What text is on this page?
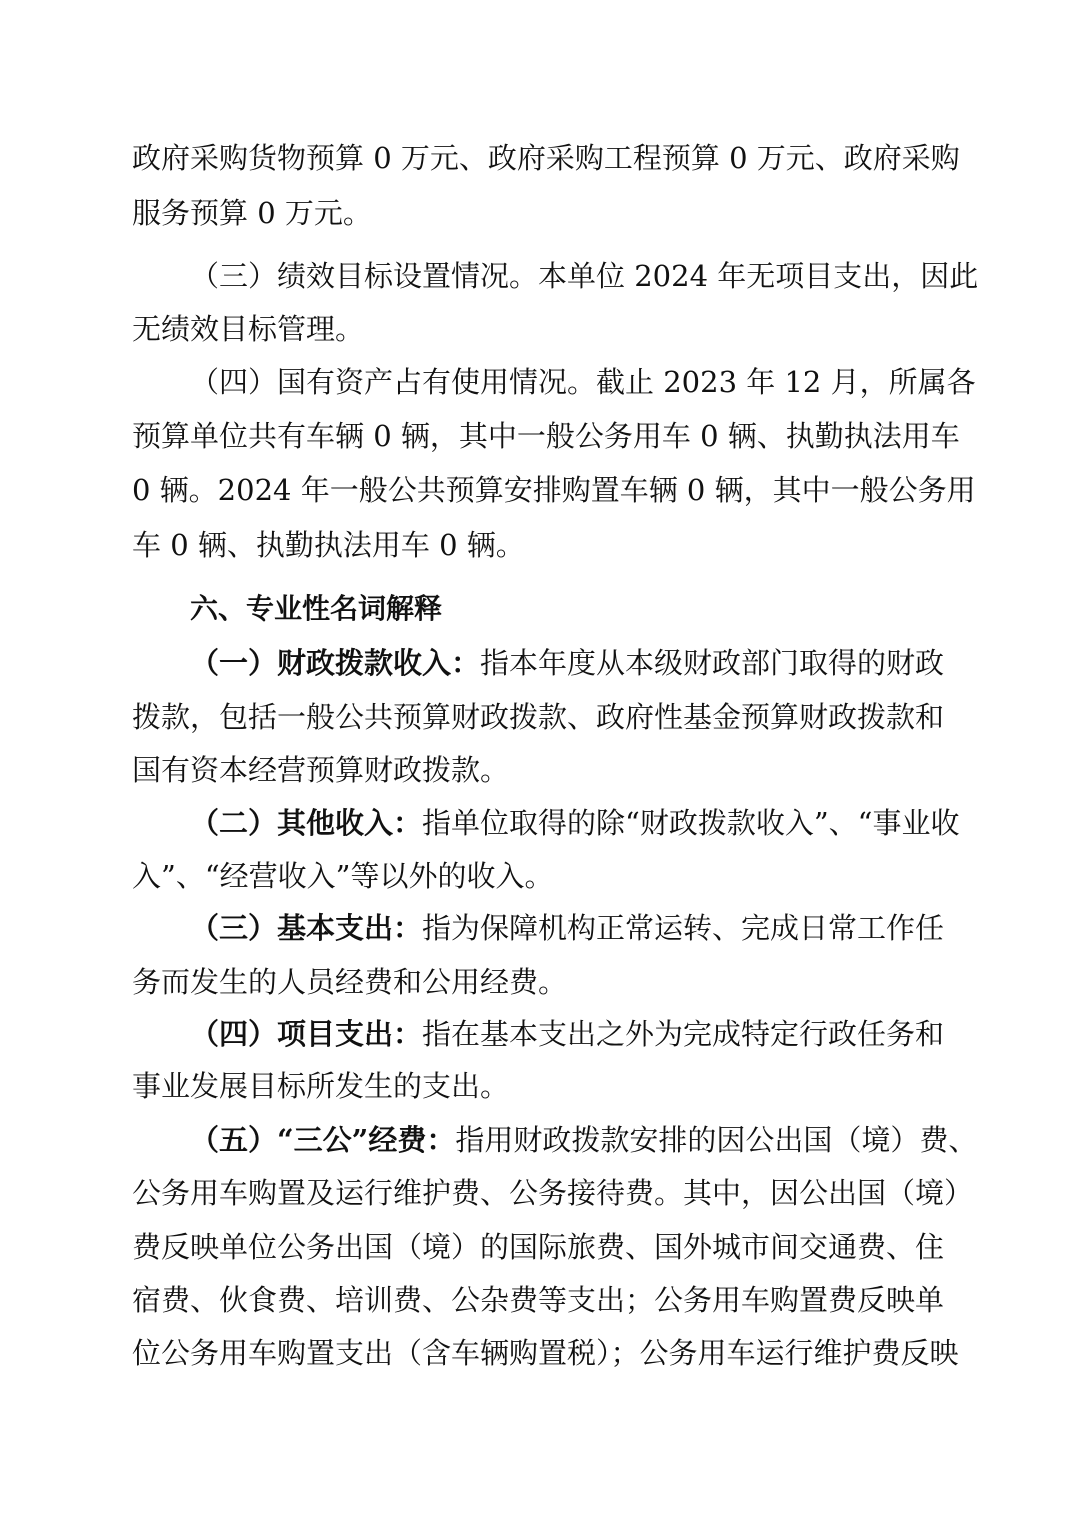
政府采购货物预算 0 万元、政府采购工程预算 0 万元、政府采购
服务预算 0 万元。
（三）绩效目标设置情况。本单位 2024 年无项目支出，因此
无绩效目标管理。
（四）国有资产占有使用情况。截止 2023 年 12 月，所属各
预算单位共有车辆 0 辆，其中一般公务用车 0 辆、执勤执法用车
0 辆。2024 年一般公共预算安排购置车辆 0 辆，其中一般公务用
车 0 辆、执勤执法用车 0 辆。
六、专业性名词解释
（一）财政拨款收入：指本年度从本级财政部门取得的财政
拨款，包括一般公共预算财政拨款、政府性基金预算财政拨款和
国有资本经营预算财政拨款。
（二）其他收入：指单位取得的除“财政拨款收入”、“事业收
入”、“经营收入”等以外的收入。
（三）基本支出：指为保障机构正常运转、完成日常工作任
务而发生的人员经费和公用经费。
（四）项目支出：指在基本支出之外为完成特定行政任务和
事业发展目标所发生的支出。
（五）“三公”经费：指用财政拨款安排的因公出国（境）费、
公务用车购置及运行维护费、公务接待费。其中，因公出国（境）
费反映单位公务出国（境）的国际旅费、国外城市间交通费、住
宿费、伙食费、培训费、公杂费等支出；公务用车购置费反映单
位公务用车购置支出（含车辆购置税）；公务用车运行维护费反映
